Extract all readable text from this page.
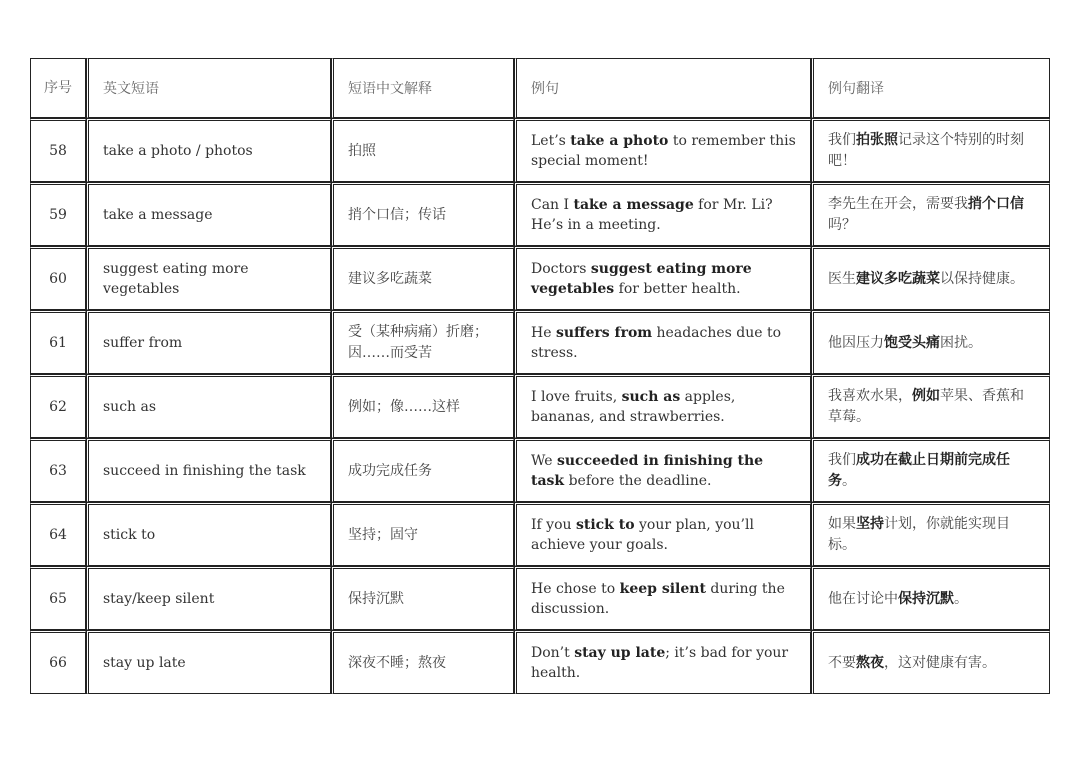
序号	英文短语	短语中文解释	例句	例句翻译
58	take a photo / photos	拍照	Let’s take a photo to remember this special moment!	我们拍张照记录这个特别的时刻吧！
59	take a message	捎个口信；传话	Can I take a message for Mr. Li? He’s in a meeting.	李先生在开会，需要我捎个口信吗？
60	suggest eating more vegetables	建议多吃蔬菜	Doctors suggest eating more vegetables for better health.	医生建议多吃蔬菜以保持健康。
61	suffer from	受（某种病痛）折磨；因……而受苦	He suffers from headaches due to stress.	他因压力饱受头痛困扰。
62	such as	例如；像……这样	I love fruits, such as apples, bananas, and strawberries.	我喜欢水果，例如苹果、香蕉和草莓。
63	succeed in finishing the task	成功完成任务	We succeeded in finishing the task before the deadline.	我们成功在截止日期前完成任务。
64	stick to	坚持；固守	If you stick to your plan, you’ll achieve your goals.	如果坚持计划，你就能实现目标。
65	stay/keep silent	保持沉默	He chose to keep silent during the discussion.	他在讨论中保持沉默。
66	stay up late	深夜不睡；熬夜	Don’t stay up late; it’s bad for your health.	不要熬夜，这对健康有害。
